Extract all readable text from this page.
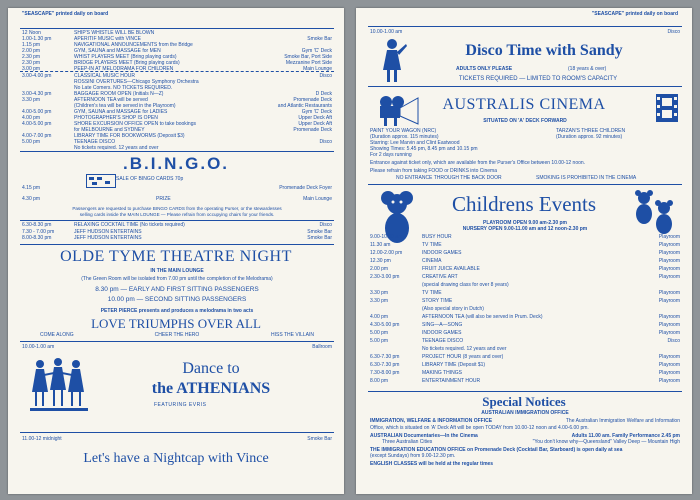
"SEASCAPE" printed daily on board
12 Noon	SHIP'S WHISTLE WILL BE BLOWN
1.00-1.30 pm	APERITIF MUSIC with VINCE	Smoke Bar
1.15 pm	NAVIGATIONAL ANNOUNCEMENTS from the Bridge
2.00 pm	GYM, SAUNA and MASSAGE for MEN	Gym 'C' Deck
2.30 pm	WHIST PLAYERS MEET (Bring playing cards)	Smoke Bar, Port Side
2.30 pm	BRIDGE PLAYERS MEET (Bring playing cards)	Mezzanine Port Side
3.00 pm	PEEP-IN AT MELODRAMA FOR CHILDREN	Main Lounge
3.00-4.00 pm	CLASSICAL MUSIC HOUR	Disco
ROSSINI OVERTURES—Chicago Symphony Orchestra
No Late Comers. NO TICKETS REQUIRED.
3.00-4.30 pm	BAGGAGE ROOM OPEN (Initials N—Z)	D Deck
3.30 pm	AFTERNOON TEA will be served	Promenade Deck
(Children's tea will be served in the Playroom)	and Atlantic Restaurants
4.00-5.00 pm	GYM, SAUNA and MASSAGE for LADIES	Gym 'C' Deck
4.00 pm	PHOTOGRAPHER'S SHOP IS OPEN	Upper Deck Aft
4.00-5.00 pm	SHORE EXCURSION OFFICE OPEN to take bookings	Upper Deck Aft
for MELBOURNE and SYDNEY	Promenade Deck
4.00-7.00 pm	LIBRARY TIME FOR BOOKWORMS (Deposit $3)
5.00 pm	TEENAGE DISCO	Disco
No tickets required. 12 years and over
.B.I.N.G.O.
SALE OF BINGO CARDS 70p
4.15 pm	Promenade Deck Foyer
PRIZE
4.30 pm	Main Lounge
Passengers are requested to purchase BINGO CARDS from the operating Purser, or the stewardesses
selling cards inside the MAIN LOUNGE — Please refrain from occupying chairs for your friends.
6.30-8.30 pm	RELAXING COCKTAIL TIME (No tickets required)	Disco
7.30 - 7.00 pm	JEFF HUDSON ENTERTAINS	Smoke Bar
8.00-8.30 pm	JEFF HUDSON ENTERTAINS	Smoke Bar
OLDE TYME THEATRE NIGHT
IN THE MAIN LOUNGE
(The Green Room will be isolated from 7.00 pm until the completion of the Melodrama)
8.30 pm — EARLY AND FIRST SITTING PASSENGERS
10.00 pm — SECOND SITTING PASSENGERS
PETER PIERCE presents and produces a melodrama in two acts
LOVE TRIUMPHS OVER ALL
COME ALONG	CHEER THE HERO	HISS THE VILLAIN
10.00-1.00 am	Ballroom
Dance to
the ATHENIANS
FEATURING EVRIS
11.00-12 midnight	Smoke Bar
Let's have a Nightcap with Vince
"SEASCAPE" printed daily on board
10.00-1.00 am	Disco
Disco Time with Sandy
ADULTS ONLY PLEASE	(18 years & over)
TICKETS REQUIRED — LIMITED TO ROOM'S CAPACITY
AUSTRALIS CINEMA
SITUATED ON 'A' DECK FORWARD
PAINT YOUR WAGON (NRC)	TARZAN'S THREE CHILDREN
(Duration approx. 115 minutes)	(Duration approx. 92 minutes)
Starring: Lee Marvin and Clint Eastwood
Showing Times: 5.45 pm, 8.45 pm and 10.15 pm
For 2 days running
Entrance against ticket only, which are available from the Purser's Office between 10.00-12 noon.
Please refrain from taking FOOD or DRINKS into Cinema
NO ENTRANCE THROUGH THE BACK DOOR	SMOKING IS PROHIBITED IN THE CINEMA
Childrens Events
PLAYROOM OPEN 9.00 am-2.30 pm
NURSERY OPEN 9.00-11.00 am and 12 noon-2.30 pm
9.00-10.00 am	BUSY HOUR	Playroom
11.30 am	TV TIME	Playroom
12.00-2.00 pm	INDOOR GAMES	Playroom
12.30 pm	CINEMA	Playroom
2.00 pm	FRUIT JUICE AVAILABLE	Playroom
2.30-3.00 pm	CREATIVE ART	Playroom
(special drawing class for over 8 years)
3.30 pm	TV TIME	Playroom
3.30 pm	STORY TIME	Playroom
(Also special story in Dutch)
4.00 pm	AFTERNOON TEA (will also be served in Prum. Deck)	Playroom
4.30-5.00 pm	SING—A—SONG	Playroom
5.00 pm	INDOOR GAMES	Playroom
5.00 pm	TEENAGE DISCO	Disco
No tickets required. 12 years and over
6.30-7.30 pm	PROJECT HOUR (8 years and over)	Playroom
6.30-7.30 pm	LIBRARY TIME (Deposit $1)	Playroom
7.30-8.00 pm	MAKING THINGS	Playroom
8.00 pm	ENTERTAINMENT HOUR	Playroom
Special Notices
AUSTRALIAN IMMIGRATION OFFICE
IMMIGRATION, WELFARE & INFORMATION OFFICE	The Australian Immigration Welfare and Information
Office, which is situated on 'A' Deck Aft will be open TODAY from 10.00-12 noon and 4.00-6.00 pm.
AUSTRALIAN Documentaries—In the Cinema	Adults 11.00 am. Family Performance 2.45 pm
Three Australian Cities	"You don't know why—Queensland" Valley Deep — Mountain High
THE IMMIGRATION EDUCATION OFFICE on Promenade Deck (Cocktail Bar, Starboard) is open daily at sea
(except Sundays) from 9.00-12.30 pm.
ENGLISH CLASSES will be held at the regular times
